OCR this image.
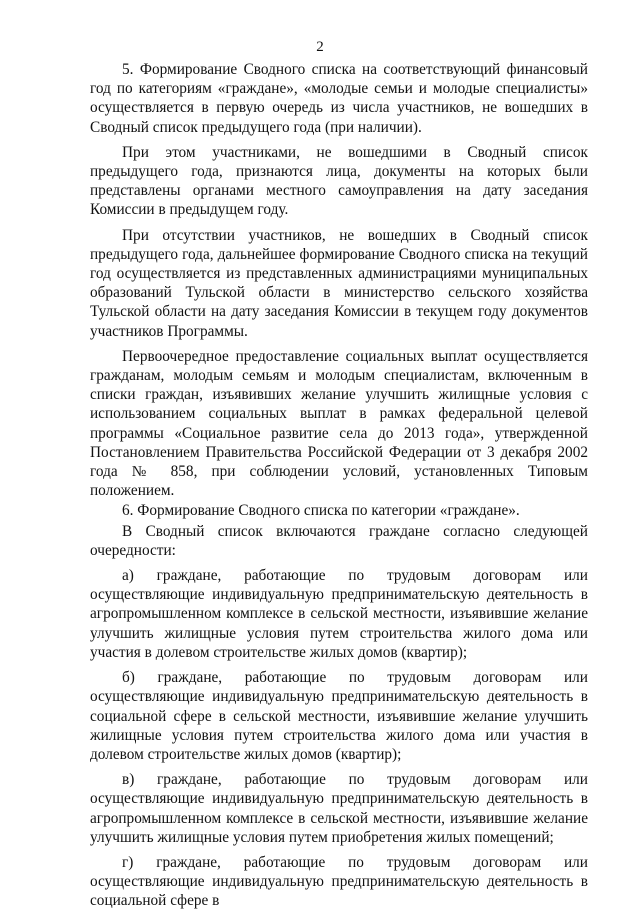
2

5. Формирование Сводного списка на соответствующий финансовый год по категориям «граждане», «молодые семьи и молодые специалисты» осуществляется в первую очередь из числа участников, не вошедших в Сводный список предыдущего года (при наличии).

При этом участниками, не вошедшими в Сводный список предыдущего года, признаются лица, документы на которых были представлены органами местного самоуправления на дату заседания Комиссии в предыдущем году.

При отсутствии участников, не вошедших в Сводный список предыдущего года, дальнейшее формирование Сводного списка на текущий год осуществляется из представленных администрациями муниципальных образований Тульской области в министерство сельского хозяйства Тульской области на дату заседания Комиссии в текущем году документов участников Программы.

Первоочередное предоставление социальных выплат осуществляется гражданам, молодым семьям и молодым специалистам, включенным в списки граждан, изъявивших желание улучшить жилищные условия с использованием социальных выплат в рамках федеральной целевой программы «Социальное развитие села до 2013 года», утвержденной Постановлением Правительства Российской Федерации от 3 декабря 2002 года № 858, при соблюдении условий, установленных Типовым положением.

6. Формирование Сводного списка по категории «граждане».

В Сводный список включаются граждане согласно следующей очередности:

а) граждане, работающие по трудовым договорам или осуществляющие индивидуальную предпринимательскую деятельность в агропромышленном комплексе в сельской местности, изъявившие желание улучшить жилищные условия путем строительства жилого дома или участия в долевом строительстве жилых домов (квартир);

б) граждане, работающие по трудовым договорам или осуществляющие индивидуальную предпринимательскую деятельность в социальной сфере в сельской местности, изъявившие желание улучшить жилищные условия путем строительства жилого дома или участия в долевом строительстве жилых домов (квартир);

в) граждане, работающие по трудовым договорам или осуществляющие индивидуальную предпринимательскую деятельность в агропромышленном комплексе в сельской местности, изъявившие желание улучшить жилищные условия путем приобретения жилых помещений;

г) граждане, работающие по трудовым договорам или осуществляющие индивидуальную предпринимательскую деятельность в социальной сфере в
